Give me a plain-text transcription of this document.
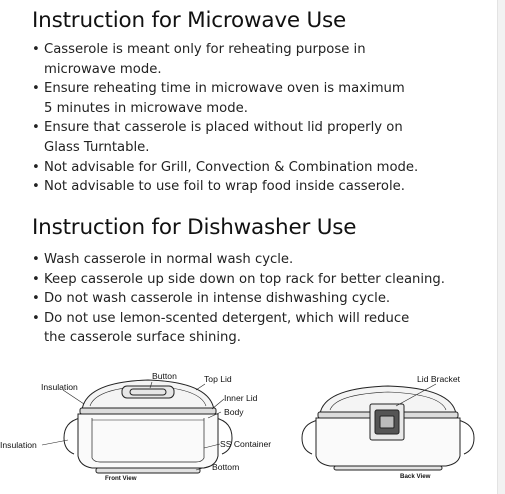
Instruction for Microwave Use
• Casserole is meant only for reheating purpose in
microwave mode.
• Ensure reheating time in microwave oven is maximum
5 minutes in microwave mode.
• Ensure that casserole is placed without lid properly on
Glass Turntable.
• Not advisable for Grill, Convection & Combination mode.
• Not advisable to use foil to wrap food inside casserole.
Instruction for Dishwasher Use
• Wash casserole in normal wash cycle.
• Keep casserole up side down on top rack for better cleaning.
• Do not wash casserole in intense dishwashing cycle.
• Do not use lemon-scented detergent, which will reduce
the casserole surface shining.
Button	Top Lid
Insulation
Inner Lid
Body
Insulation	SS Container
Bottom
Front View
Lid Bracket
Back View
